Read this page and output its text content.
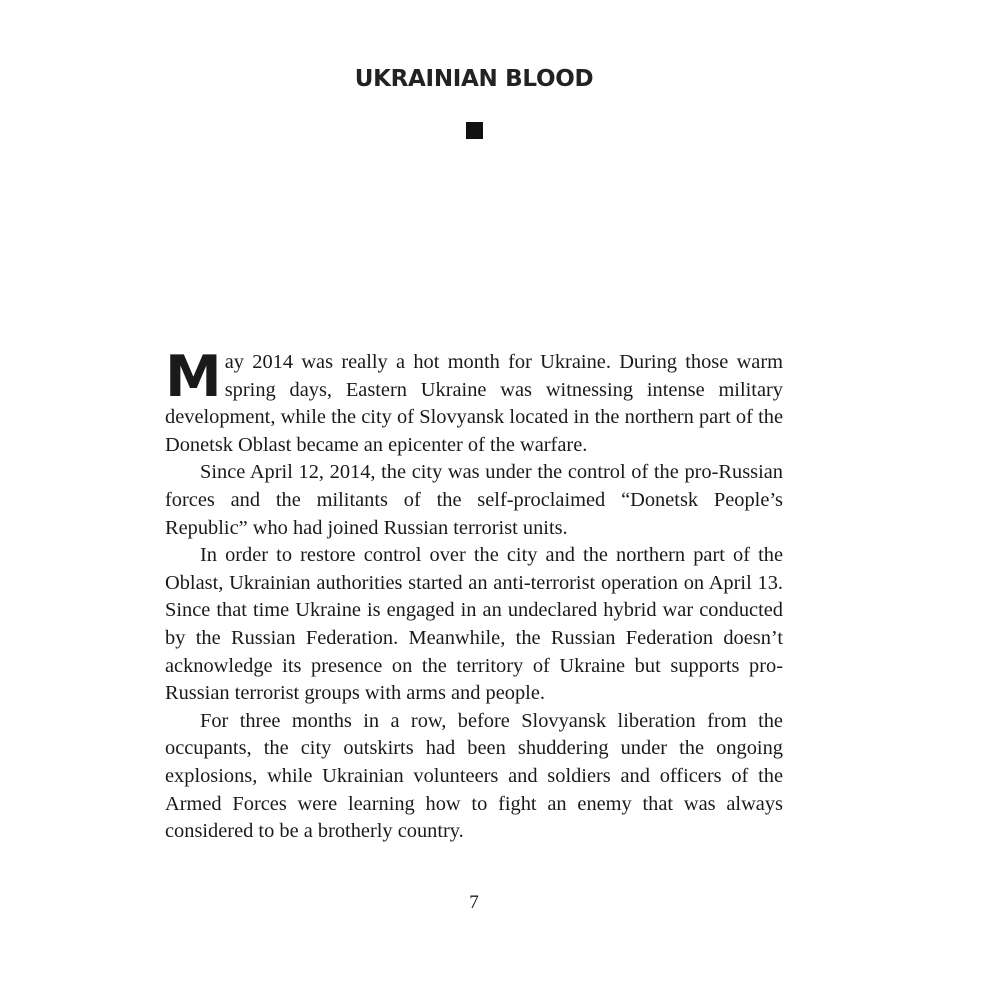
UKRAINIAN BLOOD

May 2014 was really a hot month for Ukraine. During those warm spring days, Eastern Ukraine was witnessing intense military development, while the city of Slovyansk located in the northern part of the Donetsk Oblast became an epicenter of the warfare.

Since April 12, 2014, the city was under the control of the pro-Russian forces and the militants of the self-proclaimed “Donetsk People’s Republic” who had joined Russian terrorist units.

In order to restore control over the city and the northern part of the Oblast, Ukrainian authorities started an anti-terrorist operation on April 13. Since that time Ukraine is engaged in an undeclared hybrid war conducted by the Russian Federation. Meanwhile, the Russian Federation doesn’t acknowledge its presence on the territory of Ukraine but supports pro-Russian terrorist groups with arms and people.

For three months in a row, before Slovyansk liberation from the occupants, the city outskirts had been shuddering under the ongoing explosions, while Ukrainian volunteers and soldiers and officers of the Armed Forces were learning how to fight an enemy that was always considered to be a brotherly country.

7
